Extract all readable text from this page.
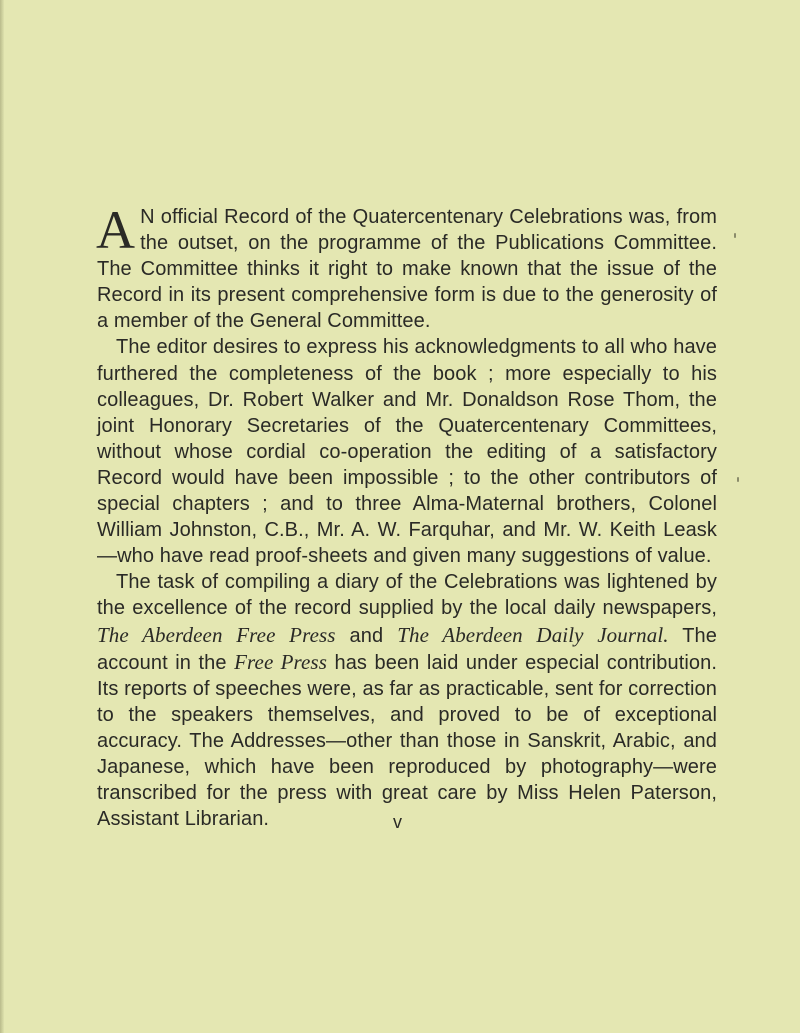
A N official Record of the Quatercentenary Celebrations was, from the outset, on the programme of the Publications Committee. The Committee thinks it right to make known that the issue of the Record in its present comprehensive form is due to the generosity of a member of the General Committee.

The editor desires to express his acknowledgments to all who have furthered the completeness of the book ; more especially to his colleagues, Dr. Robert Walker and Mr. Donaldson Rose Thom, the joint Honorary Secretaries of the Quatercentenary Committees, without whose cordial co-operation the editing of a satisfactory Record would have been impossible ; to the other contributors of special chapters ; and to three Alma-Maternal brothers, Colonel William Johnston, C.B., Mr. A. W. Farquhar, and Mr. W. Keith Leask—who have read proof-sheets and given many suggestions of value.

The task of compiling a diary of the Celebrations was lightened by the excellence of the record supplied by the local daily newspapers, The Aberdeen Free Press and The Aberdeen Daily Journal. The account in the Free Press has been laid under especial contribution. Its reports of speeches were, as far as practicable, sent for correction to the speakers themselves, and proved to be of exceptional accuracy. The Addresses—other than those in Sanskrit, Arabic, and Japanese, which have been reproduced by photography—were transcribed for the press with great care by Miss Helen Paterson, Assistant Librarian.	v
